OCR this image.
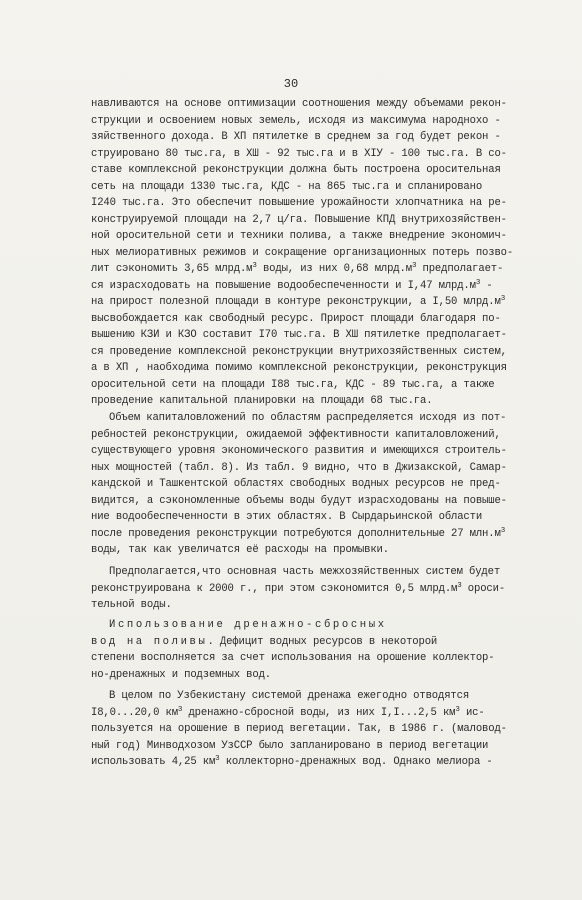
30
навливаются на основе оптимизации соотношения между объемами рекон-
струкции и освоением новых земель, исходя из максимума народнохо -
зяйственного дохода. В ХП пятилетке в среднем за год будет рекон -
струировано 80 тыс.га, в ХШ - 92 тыс.га и в XIУ - 100 тыс.га. В со-
ставе комплексной реконструкции должна быть построена оросительная
сеть на площади 1330 тыс.га, КДС - на 865 тыс.га и спланировано
I240 тыс.га. Это обеспечит повышение урожайности хлопчатника на ре-
конструируемой площади на 2,7 ц/га. Повышение КПД внутрихозяйствен-
ной оросительной сети и техники полива, а также внедрение экономич-
ных мелиоративных режимов и сокращение организационных потерь позво-
лит сэкономить 3,65 $млрд.м^3$ воды, из них 0,68 $млрд.м^3$ предполагает-
ся израсходовать на повышение водообеспеченности и I,47 $млрд.м^3$ -
на прирост полезной площади в контуре реконструкции, а I,50 $млрд.м^3$
высвобождается как свободный ресурс. Прирост площади благодаря по-
вышению КЗИ и КЗО составит I70 тыс.га. В ХШ пятилетке предполагает-
ся проведение комплексной реконструкции внутрихозяйственных систем,
а в ХП , наобходима помимо комплексной реконструкции, реконструкция
оросительной сети на площади I88 тыс.га, КДС - 89 тыс.га, а также
проведение капитальной планировки на площади 68 тыс.га.
Объем капиталовложений по областям распределяется исходя из пот-
ребностей реконструкции, ожидаемой эффективности капиталовложений,
существующего уровня экономического развития и имеющихся строитель-
ных мощностей (табл. 8). Из табл. 9 видно, что в Джизакской, Самар-
кандской и Ташкентской областях свободных водных ресурсов не пред-
видится, а сэкономленные объемы воды будут израсходованы на повыше-
ние водообеспеченности в этих областях. В Сырдарьинской области
после проведения реконструкции потребуются дополнительные 27 $млн.м^3$
воды, так как увеличатся её расходы на промывки.
Предполагается,что основная часть межхозяйственных систем будет
реконструирована к 2000 г., при этом сэкономится 0,5 $млрд.м^3$ ороси-
тельной воды.
Использование дренажно-сбросных
вод на поливы. Дефицит водных ресурсов в некоторой
степени восполняется за счет использования на орошение коллектор-
но-дренажных и подземных вод.
В целом по Узбекистану системой дренажа ежегодно отводятся
I8,0...20,0 $км^3$ дренажно-сбросной воды, из них I,I...2,5 $км^3$ ис-
пользуется на орошение в период вегетации. Так, в 1986 г. (маловод-
ный год) Минводхозом УзССР было запланировано в период вегетации
использовать 4,25 $км^3$ коллекторно-дренажных вод. Однако мелиора -
